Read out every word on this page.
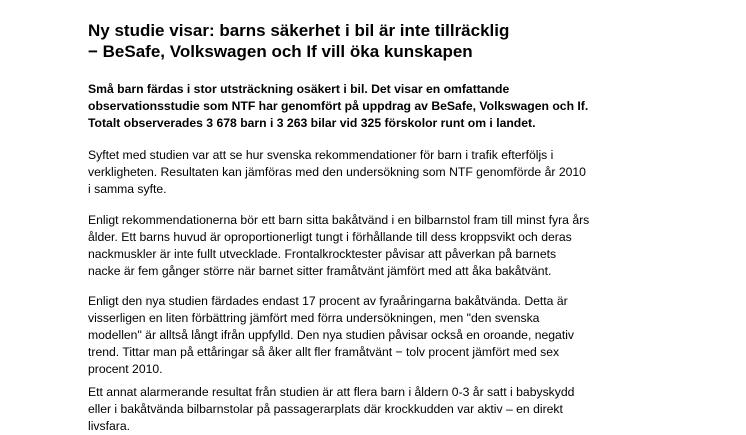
Ny studie visar: barns säkerhet i bil är inte tillräcklig
− BeSafe, Volkswagen och If vill öka kunskapen

Små barn färdas i stor utsträckning osäkert i bil. Det visar en omfattande
observationsstudie som NTF har genomfört på uppdrag av BeSafe, Volkswagen och If.
Totalt observerades 3 678 barn i 3 263 bilar vid 325 förskolor runt om i landet.

Syftet med studien var att se hur svenska rekommendationer för barn i trafik efterföljs i
verkligheten. Resultaten kan jämföras med den undersökning som NTF genomförde år 2010
i samma syfte.

Enligt rekommendationerna bör ett barn sitta bakåtvänd i en bilbarnstol fram till minst fyra års
ålder. Ett barns huvud är oproportionerligt tungt i förhållande till dess kroppsvikt och deras
nackmuskler är inte fullt utvecklade. Frontalkrocktester påvisar att påverkan på barnets
nacke är fem gånger större när barnet sitter framåtvänt jämfört med att åka bakåtvänt.

Enligt den nya studien färdades endast 17 procent av fyraåringarna bakåtvända. Detta är
visserligen en liten förbättring jämfört med förra undersökningen, men "den svenska
modellen" är alltså långt ifrån uppfylld. Den nya studien påvisar också en oroande, negativ
trend. Tittar man på ettåringar så åker allt fler framåtvänt − tolv procent jämfört med sex
procent 2010.

Ett annat alarmerande resultat från studien är att flera barn i åldern 0-3 år satt i babyskydd
eller i bakåtvända bilbarnstolar på passagerarplats där krockkudden var aktiv – en direkt
livsfara.
